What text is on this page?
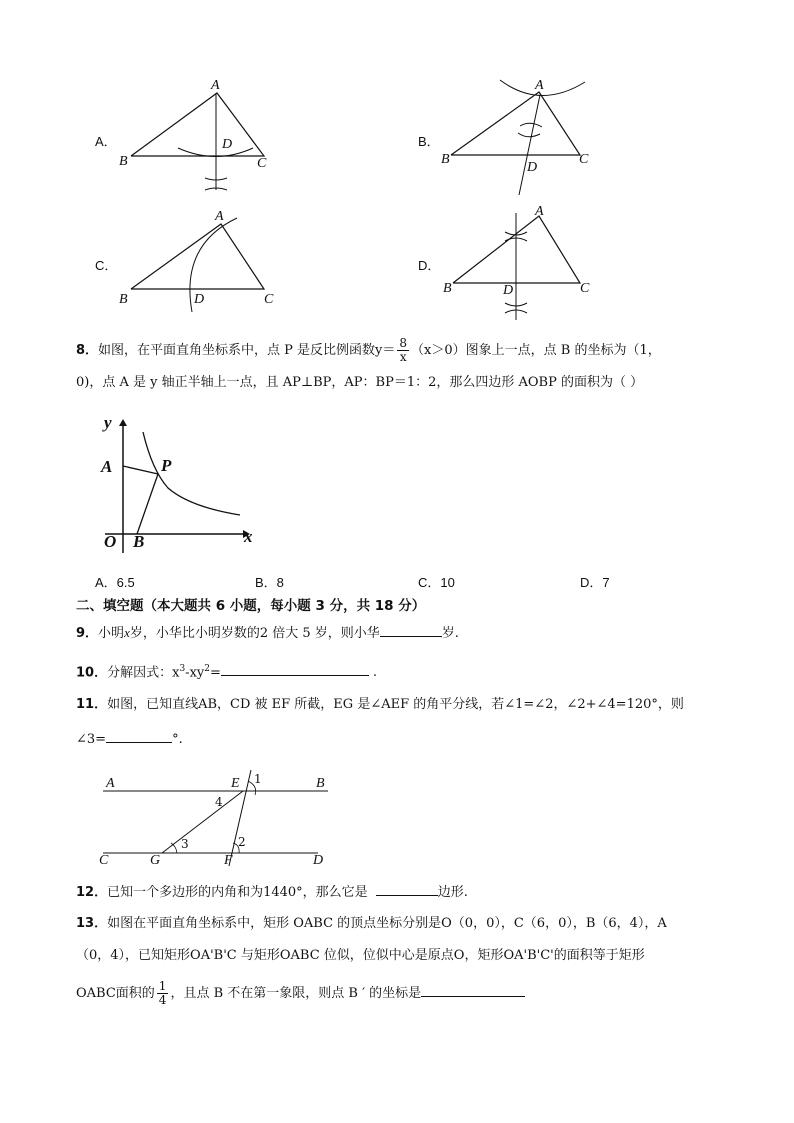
A．
A
B	C
D	B．
A
B	C
D
C．
A
B	C
D
D．
A
B	C
D
8．如图，在平面直角坐标系中，点 P 是反比例函数$y= \frac{8}{x} (x>0)$图象上一点，点 B 的坐标为（1，
0)，点 A 是 y 轴正半轴上一点，且 AP⊥BP，AP：BP＝1：2，那么四边形 AOBP 的面积为（ ）
y
x
A	P
O B
A．6.5	B．8	C．10	D．7
二、填空题（本大题共 6 小题，每小题 3 分，共 18 分）
9．小明x岁，小华比小明岁数的2 倍大 5 岁，则小华	岁.
10．分解因式：$x^3-xy^2=$	.
11．如图，已知直线AB，CD 被 EF 所截，EG 是∠AEF 的角平分线，若∠1=∠2，∠2+∠4=120°，则
∠3=	°.
A	E 1	B
4
3	2
C	G	F	D
12．已知一个多边形的内角和为1440°，那么它是	边形.
13．如图在平面直角坐标系中，矩形 OABC 的顶点坐标分别是O（0，0），C（6，0），B（6，4），A
（0，4），已知矩形OA'B'C 与矩形OABC 位似，位似中心是原点O，矩形OA'B'C'的面积等于矩形
OABC面积的 $\frac{1}{4}$ ，且点 B 不在第一象限，则点 B ′ 的坐标是
